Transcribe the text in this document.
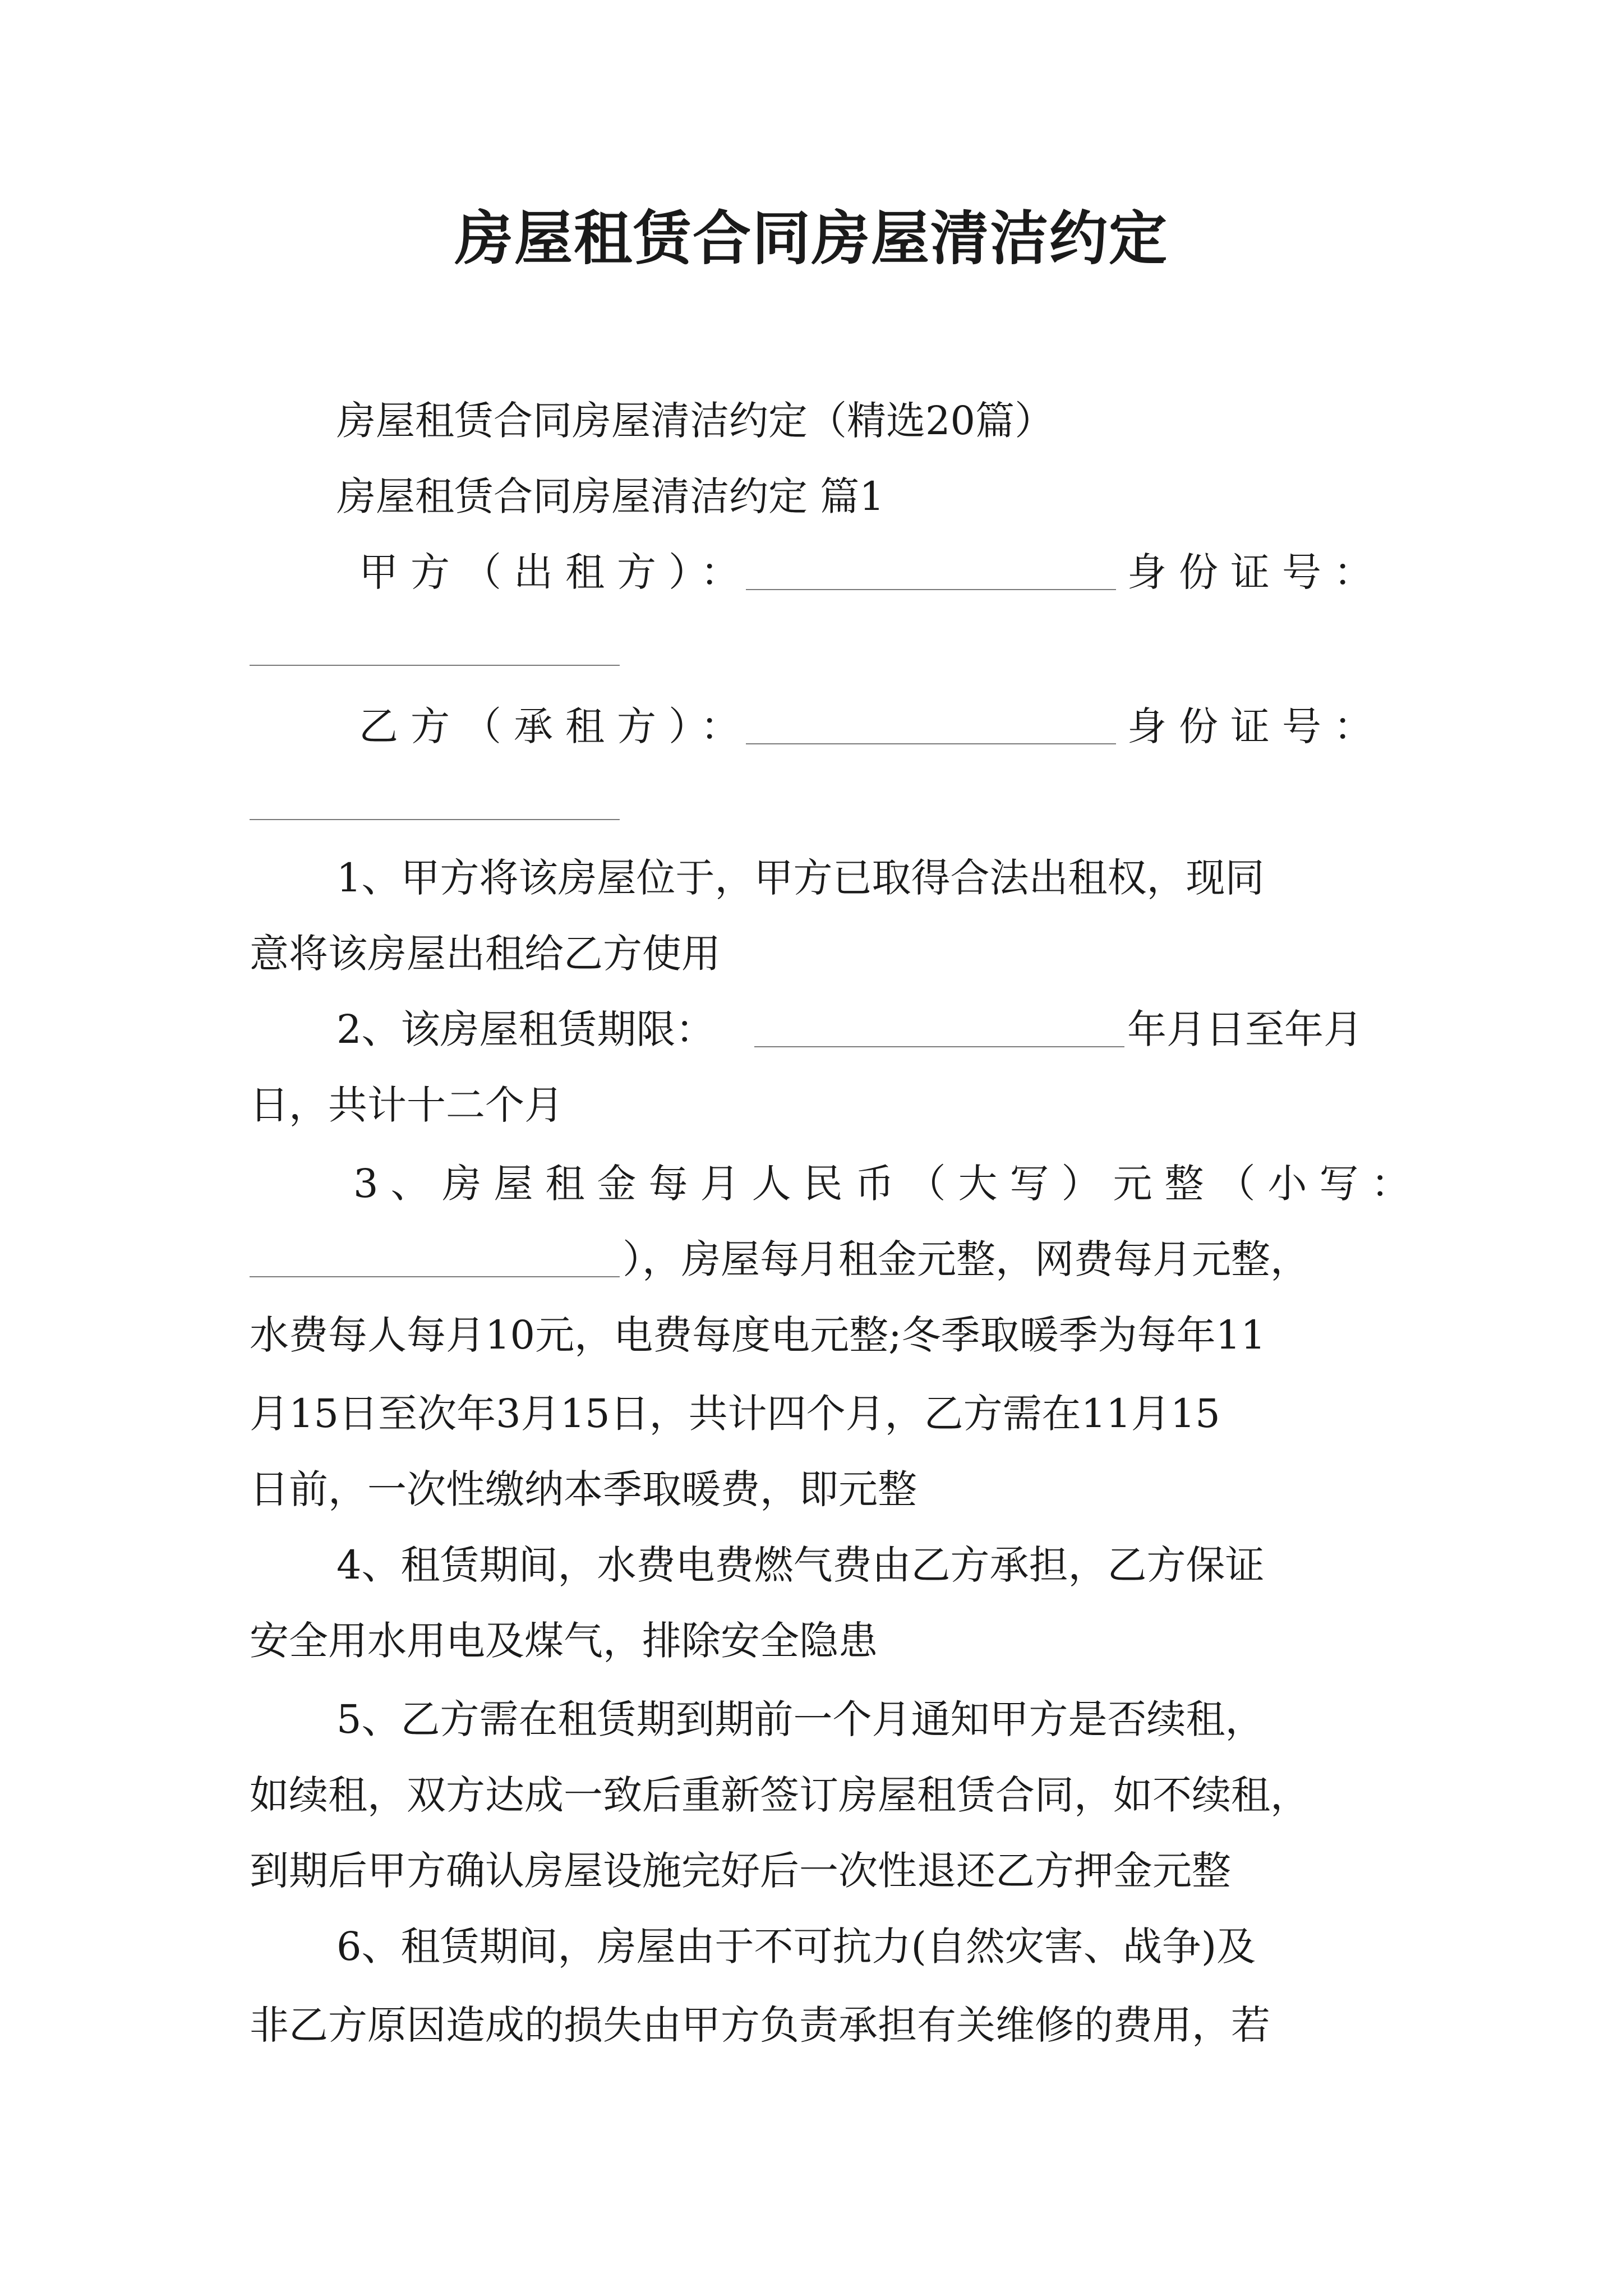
房屋租赁合同房屋清洁约定
房屋租赁合同房屋清洁约定（精选20篇）
房屋租赁合同房屋清洁约定 篇1
甲方（出租方）：	身份证号：
乙方（承租方）：	身份证号：
1、甲方将该房屋位于，甲方已取得合法出租权，现同
意将该房屋出租给乙方使用
2、该房屋租赁期限：	年月日至年月
日，共计十二个月
3、房屋租金每月人民币（大写）元整（小写：
），房屋每月租金元整，网费每月元整，
水费每人每月10元，电费每度电元整;冬季取暖季为每年11
月15日至次年3月15日，共计四个月，乙方需在11月15
日前，一次性缴纳本季取暖费，即元整
4、租赁期间，水费电费燃气费由乙方承担，乙方保证
安全用水用电及煤气，排除安全隐患
5、乙方需在租赁期到期前一个月通知甲方是否续租，
如续租，双方达成一致后重新签订房屋租赁合同，如不续租，
到期后甲方确认房屋设施完好后一次性退还乙方押金元整
6、租赁期间，房屋由于不可抗力(自然灾害、战争)及
非乙方原因造成的损失由甲方负责承担有关维修的费用，若
